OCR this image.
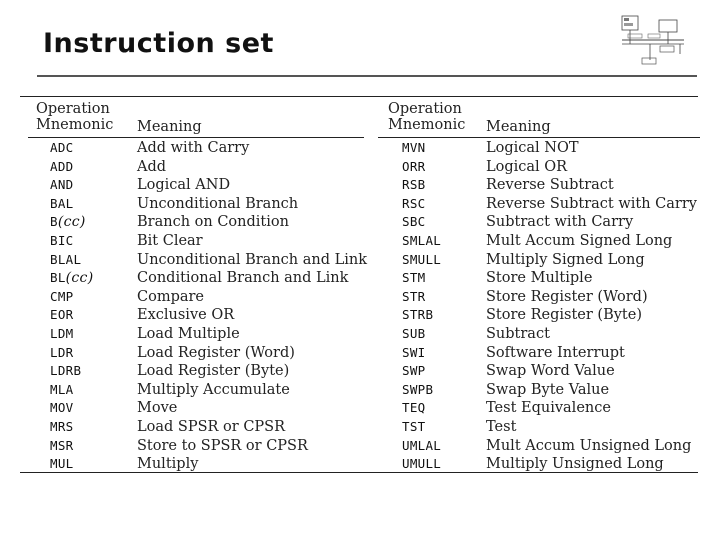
Instruction set
Operation
Mnemonic	Meaning
ADC	Add with Carry
ADD	Add
AND	Logical AND
BAL	Unconditional Branch
B(cc)	Branch on Condition
BIC	Bit Clear
BLAL	Unconditional Branch and Link
BL(cc)	Conditional Branch and Link
CMP	Compare
EOR	Exclusive OR
LDM	Load Multiple
LDR	Load Register (Word)
LDRB	Load Register (Byte)
MLA	Multiply Accumulate
MOV	Move
MRS	Load SPSR or CPSR
MSR	Store to SPSR or CPSR
MUL	Multiply
Operation
Mnemonic	Meaning
MVN	Logical NOT
ORR	Logical OR
RSB	Reverse Subtract
RSC	Reverse Subtract with Carry
SBC	Subtract with Carry
SMLAL	Mult Accum Signed Long
SMULL	Multiply Signed Long
STM	Store Multiple
STR	Store Register (Word)
STRB	Store Register (Byte)
SUB	Subtract
SWI	Software Interrupt
SWP	Swap Word Value
SWPB	Swap Byte Value
TEQ	Test Equivalence
TST	Test
UMLAL	Mult Accum Unsigned Long
UMULL	Multiply Unsigned Long
